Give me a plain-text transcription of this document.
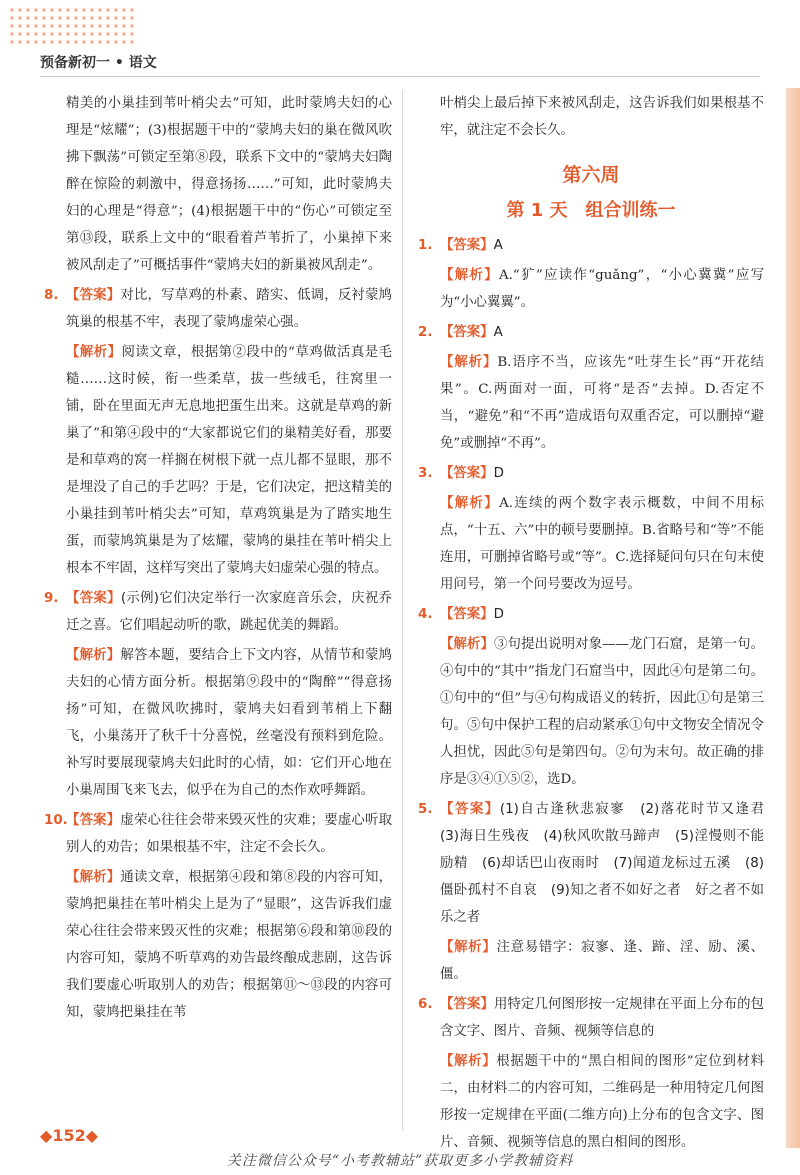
预备新初一 • 语文

精美的小巢挂到苇叶梢尖去”可知，此时蒙鸠夫妇的心理是“炫耀”；(3)根据题干中的“蒙鸠夫妇的巢在微风吹拂下飘荡”可锁定至第⑧段，联系下文中的“蒙鸠夫妇陶醉在惊险的刺激中，得意扬扬……”可知，此时蒙鸠夫妇的心理是“得意”；(4)根据题干中的“伤心”可锁定至第⑬段，联系上文中的“眼看着芦苇折了，小巢掉下来被风刮走了”可概括事件“蒙鸠夫妇的新巢被风刮走”。

8. 【答案】对比，写草鸡的朴素、踏实、低调，反衬蒙鸠筑巢的根基不牢，表现了蒙鸠虚荣心强。

【解析】阅读文章，根据第②段中的“草鸡做活真是毛糙……这时候，衔一些柔草，拔一些绒毛，往窝里一铺，卧在里面无声无息地把蛋生出来。这就是草鸡的新巢了”和第④段中的“大家都说它们的巢精美好看，那要是和草鸡的窝一样搁在树根下就一点儿都不显眼，那不是埋没了自己的手艺吗？于是，它们决定，把这精美的小巢挂到苇叶梢尖去”可知，草鸡筑巢是为了踏实地生蛋，而蒙鸠筑巢是为了炫耀，蒙鸠的巢挂在苇叶梢尖上根本不牢固，这样写突出了蒙鸠夫妇虚荣心强的特点。

9. 【答案】(示例)它们决定举行一次家庭音乐会，庆祝乔迁之喜。它们唱起动听的歌，跳起优美的舞蹈。

【解析】解答本题，要结合上下文内容，从情节和蒙鸠夫妇的心情方面分析。根据第⑨段中的“陶醉”“得意扬扬”可知，在微风吹拂时，蒙鸠夫妇看到苇梢上下翻飞，小巢荡开了秋千十分喜悦，丝毫没有预料到危险。补写时要展现蒙鸠夫妇此时的心情，如：它们开心地在小巢周围飞来飞去，似乎在为自己的杰作欢呼舞蹈。

10.
【答案】虚荣心往往会带来毁灭性的灾难；要虚心听取别人的劝告；如果根基不牢，注定不会长久。

【解析】通读文章，根据第④段和第⑧段的内容可知，蒙鸠把巢挂在苇叶梢尖上是为了“显眼”，这告诉我们虚荣心往往会带来毁灭性的灾难；根据第⑥段和第⑩段的内容可知，蒙鸠不听草鸡的劝告最终酿成悲剧，这告诉我们要虚心听取别人的劝告；根据第⑪～⑬段的内容可知，蒙鸠把巢挂在苇

叶梢尖上最后掉下来被风刮走，这告诉我们如果根基不牢，就注定不会长久。

第六周
第 1 天　组合训练一
1. 【答案】A

【解析】A.“犷”应读作“guǎng”，“小心冀冀”应写为“小心翼翼”。

2. 【答案】A

【解析】B.语序不当，应该先“吐芽生长”再“开花结果”。C.两面对一面，可将“是否”去掉。D.否定不当，“避免”和“不再”造成语句双重否定，可以删掉“避免”或删掉“不再”。

3. 【答案】D

【解析】A.连续的两个数字表示概数，中间不用标点，“十五、六”中的顿号要删掉。B.省略号和“等”不能连用，可删掉省略号或“等”。C.选择疑问句只在句末使用问号，第一个问号要改为逗号。

4. 【答案】D

【解析】③句提出说明对象——龙门石窟，是第一句。④句中的“其中”指龙门石窟当中，因此④句是第二句。①句中的“但”与④句构成语义的转折，因此①句是第三句。⑤句中保护工程的启动紧承①句中文物安全情况令人担忧，因此⑤句是第四句。②句为末句。故正确的排序是③④①⑤②，选D。

5. 【答案】(1)自古逢秋悲寂寥　(2)落花时节又逢君　(3)海日生残夜　(4)秋风吹散马蹄声　(5)淫慢则不能励精　(6)却话巴山夜雨时　(7)闻道龙标过五溪　(8)僵卧孤村不自哀　(9)知之者不如好之者　好之者不如乐之者

【解析】注意易错字：寂寥、逢、蹄、淫、励、溪、僵。

6. 【答案】用特定几何图形按一定规律在平面上分布的包含文字、图片、音频、视频等信息的

【解析】根据题干中的“黑白相间的图形”定位到材料二，由材料二的内容可知，二维码是一种用特定几何图形按一定规律在平面(二维方向)上分布的包含文字、图片、音频、视频等信息的黑白相间的图形。

◆152◆
关注微信公众号“小考教辅站”获取更多小学教辅资料
